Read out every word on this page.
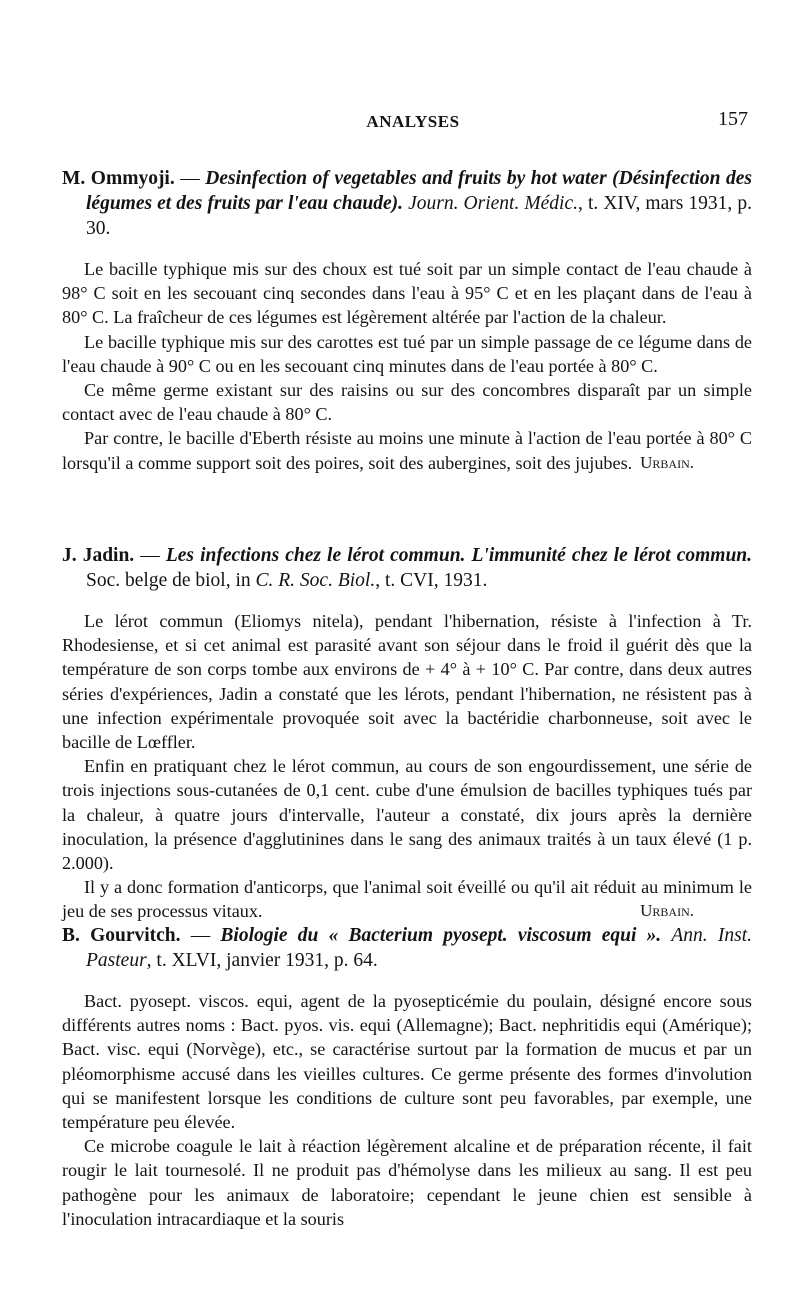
ANALYSES	157
M. Ommyoji. — Desinfection of vegetables and fruits by hot water (Désinfection des légumes et des fruits par l'eau chaude). Journ. Orient. Médic., t. XIV, mars 1931, p. 30.

Le bacille typhique mis sur des choux est tué soit par un simple contact de l'eau chaude à 98° C soit en les secouant cinq secondes dans l'eau à 95° C et en les plaçant dans de l'eau à 80° C. La fraîcheur de ces légumes est légèrement altérée par l'action de la chaleur.

Le bacille typhique mis sur des carottes est tué par un simple passage de ce légume dans de l'eau chaude à 90° C ou en les secouant cinq minutes dans de l'eau portée à 80° C.

Ce même germe existant sur des raisins ou sur des concombres disparaît par un simple contact avec de l'eau chaude à 80° C.

Par contre, le bacille d'Eberth résiste au moins une minute à l'action de l'eau portée à 80° C lorsqu'il a comme support soit des poires, soit des aubergines, soit des jujubes. Urbain.

J. Jadin. — Les infections chez le lérot commun. L'immunité chez le lérot commun. Soc. belge de biol, in C. R. Soc. Biol., t. CVI, 1931.

Le lérot commun (Eliomys nitela), pendant l'hibernation, résiste à l'infection à Tr. Rhodesiense, et si cet animal est parasité avant son séjour dans le froid il guérit dès que la température de son corps tombe aux environs de + 4° à + 10° C. Par contre, dans deux autres séries d'expériences, Jadin a constaté que les lérots, pendant l'hibernation, ne résistent pas à une infection expérimentale provoquée soit avec la bactéridie charbonneuse, soit avec le bacille de Lœffler.

Enfin en pratiquant chez le lérot commun, au cours de son engourdissement, une série de trois injections sous-cutanées de 0,1 cent. cube d'une émulsion de bacilles typhiques tués par la chaleur, à quatre jours d'intervalle, l'auteur a constaté, dix jours après la dernière inoculation, la présence d'agglutinines dans le sang des animaux traités à un taux élevé (1 p. 2.000).

Il y a donc formation d'anticorps, que l'animal soit éveillé ou qu'il ait réduit au minimum le jeu de ses processus vitaux.	Urbain.

B. Gourvitch. — Biologie du « Bacterium pyosept. viscosum equi ». Ann. Inst. Pasteur, t. XLVI, janvier 1931, p. 64.

Bact. pyosept. viscos. equi, agent de la pyosepticémie du poulain, désigné encore sous différents autres noms : Bact. pyos. vis. equi (Allemagne); Bact. nephritidis equi (Amérique); Bact. visc. equi (Norvège), etc., se caractérise surtout par la formation de mucus et par un pléomorphisme accusé dans les vieilles cultures. Ce germe présente des formes d'involution qui se manifestent lorsque les conditions de culture sont peu favorables, par exemple, une température peu élevée.

Ce microbe coagule le lait à réaction légèrement alcaline et de préparation récente, il fait rougir le lait tournesolé. Il ne produit pas d'hémolyse dans les milieux au sang. Il est peu pathogène pour les animaux de laboratoire; cependant le jeune chien est sensible à l'inoculation intracardiaque et la souris
